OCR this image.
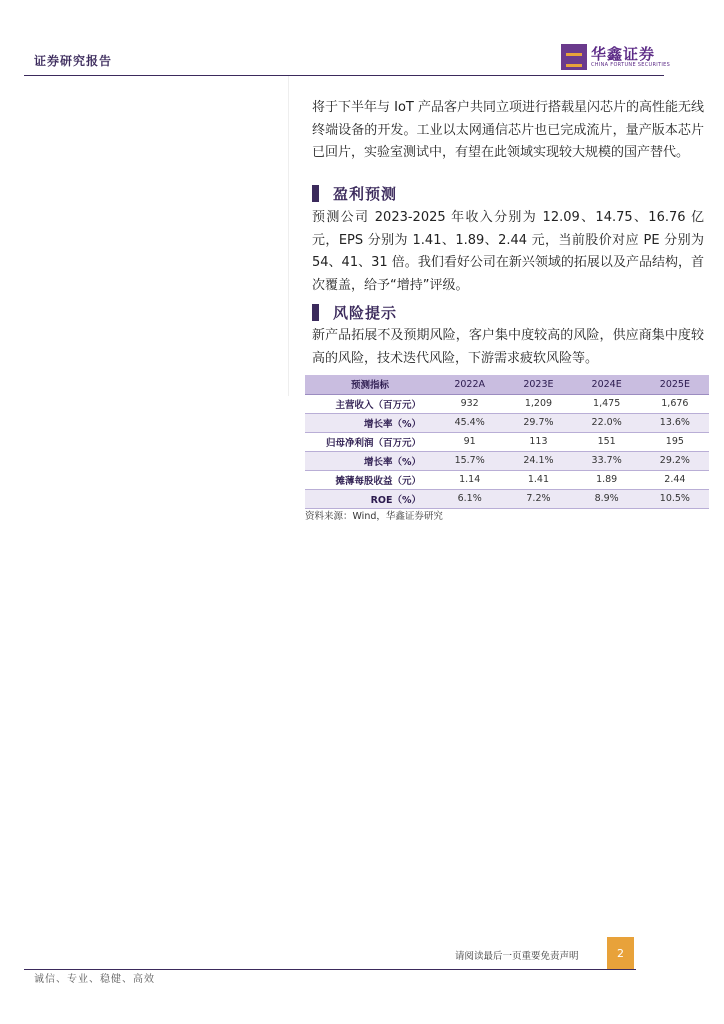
证券研究报告	华鑫证券
CHINA FORTUNE SECURITIES
将于下半年与 IoT 产品客户共同立项进行搭载星闪芯片的高性能无线终端设备的开发。工业以太网通信芯片也已完成流片，量产版本芯片已回片，实验室测试中，有望在此领域实现较大规模的国产替代。
盈利预测
预测公司 2023-2025 年收入分别为 12.09、14.75、16.76 亿元，EPS 分别为 1.41、1.89、2.44 元，当前股价对应 PE 分别为 54、41、31 倍。我们看好公司在新兴领域的拓展以及产品结构，首次覆盖，给予“增持”评级。
风险提示
新产品拓展不及预期风险，客户集中度较高的风险，供应商集中度较高的风险，技术迭代风险，下游需求疲软风险等。
预测指标	2022A	2023E	2024E	2025E
主营收入（百万元）	932	1,209	1,475	1,676
增长率（%）	45.4%	29.7%	22.0%	13.6%
归母净利润（百万元）	91	113	151	195
增长率（%）	15.7%	24.1%	33.7%	29.2%
摊薄每股收益（元）	1.14	1.41	1.89	2.44
ROE（%）	6.1%	7.2%	8.9%	10.5%
资料来源：Wind，华鑫证券研究
请阅读最后一页重要免责声明	2
诚信、专业、稳健、高效
